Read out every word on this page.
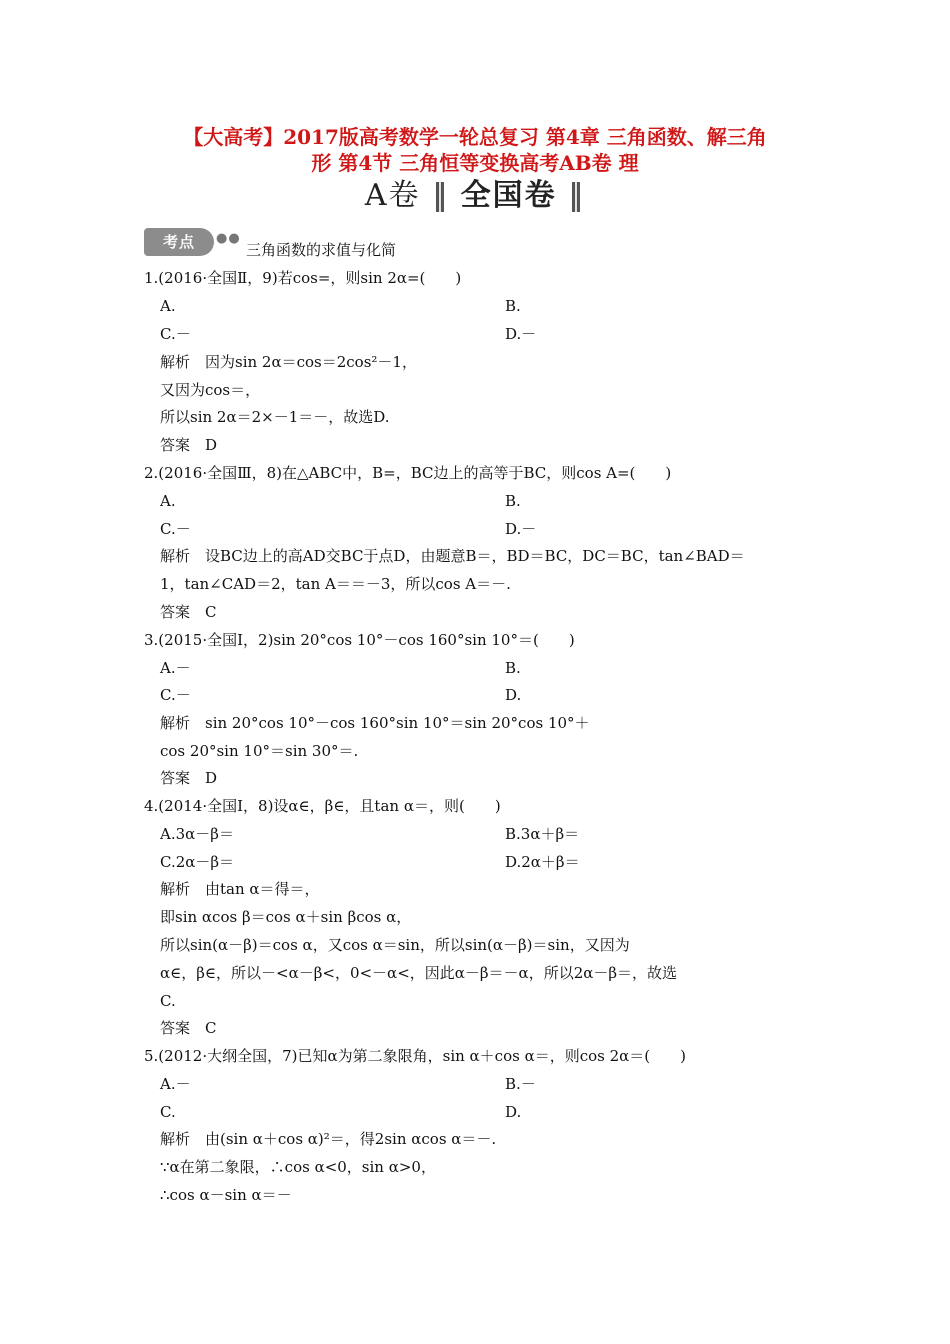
【大高考】2017版高考数学一轮总复习 第4章 三角函数、解三角
形 第4节 三角恒等变换高考AB卷 理
A卷 ‖ 全国卷 ‖
考点	●●
三角函数的求值与化简
1.(2016·全国Ⅱ，9)若cos=，则sin 2α=(　　)
A.	B.
C.－	D.－
解析　因为sin 2α＝cos＝2cos²－1，
又因为cos＝，
所以sin 2α＝2×－1＝－，故选D.
答案　D
2.(2016·全国Ⅲ，8)在△ABC中，B=，BC边上的高等于BC，则cos A=(　　)
A.	B.
C.－	D.－
解析　设BC边上的高AD交BC于点D，由题意B＝，BD＝BC，DC＝BC，tan∠BAD＝
1，tan∠CAD＝2，tan A＝＝－3，所以cos A＝－.
答案　C
3.(2015·全国Ⅰ，2)sin 20°cos 10°－cos 160°sin 10°＝(　　)
A.－	B.
C.－	D.
解析　sin 20°cos 10°－cos 160°sin 10°＝sin 20°cos 10°＋
cos 20°sin 10°＝sin 30°＝.
答案　D
4.(2014·全国Ⅰ，8)设α∈，β∈，且tan α＝，则(　　)
A.3α－β＝	B.3α＋β＝
C.2α－β＝	D.2α＋β＝
解析　由tan α＝得＝，
即sin αcos β＝cos α＋sin βcos α，
所以sin(α－β)＝cos α，又cos α＝sin，所以sin(α－β)＝sin，又因为
α∈，β∈，所以－<α－β<，0<－α<，因此α－β＝－α，所以2α－β＝，故选
C.
答案　C
5.(2012·大纲全国，7)已知α为第二象限角，sin α＋cos α＝，则cos 2α＝(　　)
A.－	B.－
C.	D.
解析　由(sin α＋cos α)²＝，得2sin αcos α＝－.
∵α在第二象限，∴cos α<0，sin α>0，
∴cos α－sin α＝－
